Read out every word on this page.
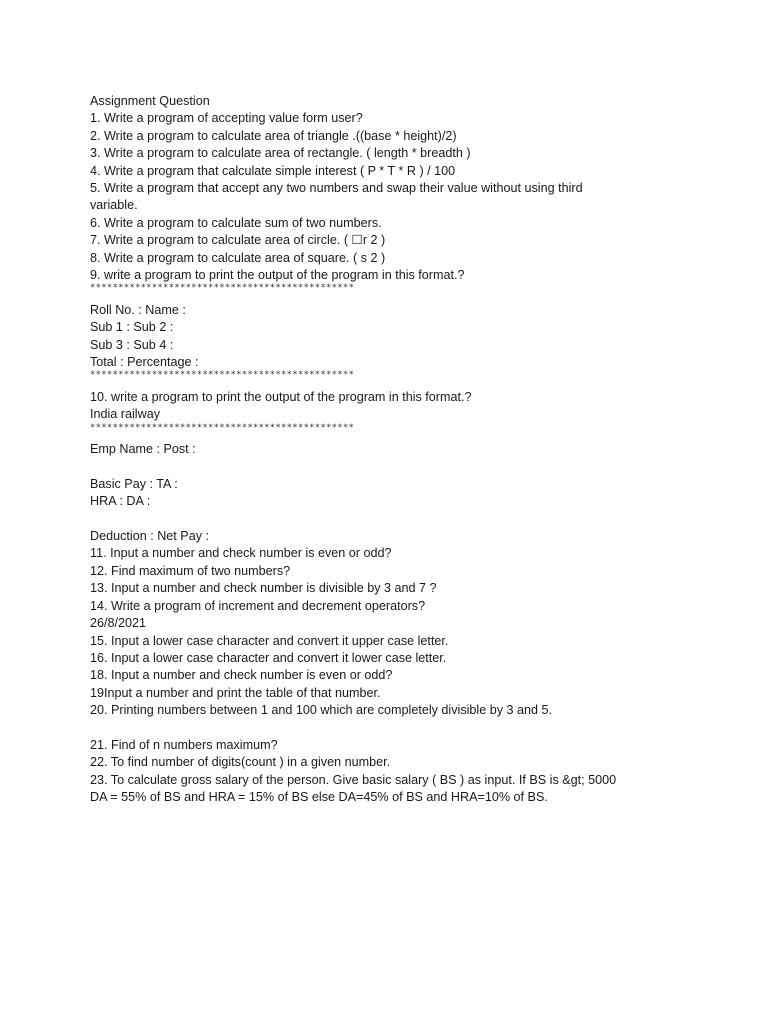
Assignment Question
1. Write a program of accepting value form user?
2. Write a program to calculate area of triangle .((base * height)/2)
3. Write a program to calculate area of rectangle. ( length * breadth )
4. Write a program that calculate simple interest ( P * T * R ) / 100
5. Write a program that accept any two numbers and swap their value without using third
variable.
6. Write a program to calculate sum of two numbers.
7. Write a program to calculate area of circle. ( ☐r 2 )
8. Write a program to calculate area of square. ( s 2 )
9. write a program to print the output of the program in this format.?
***********************************************
Roll No. : Name :
Sub 1 : Sub 2 :
Sub 3 : Sub 4 :
Total : Percentage :
***********************************************
10. write a program to print the output of the program in this format.?
India railway
***********************************************
Emp Name : Post :
Basic Pay : TA :
HRA : DA :
Deduction : Net Pay :
11. Input a number and check number is even or odd?
12. Find maximum of two numbers?
13. Input a number and check number is divisible by 3 and 7 ?
14. Write a program of increment and decrement operators?
26/8/2021
15. Input a lower case character and convert it upper case letter.
16. Input a lower case character and convert it lower case letter.
18. Input a number and check number is even or odd?
19Input a number and print the table of that number.
20. Printing numbers between 1 and 100 which are completely divisible by 3 and 5.
21. Find of n numbers maximum?
22. To find number of digits(count ) in a given number.
23. To calculate gross salary of the person. Give basic salary ( BS ) as input. If BS is &gt; 5000
DA = 55% of BS and HRA = 15% of BS else DA=45% of BS and HRA=10% of BS.
